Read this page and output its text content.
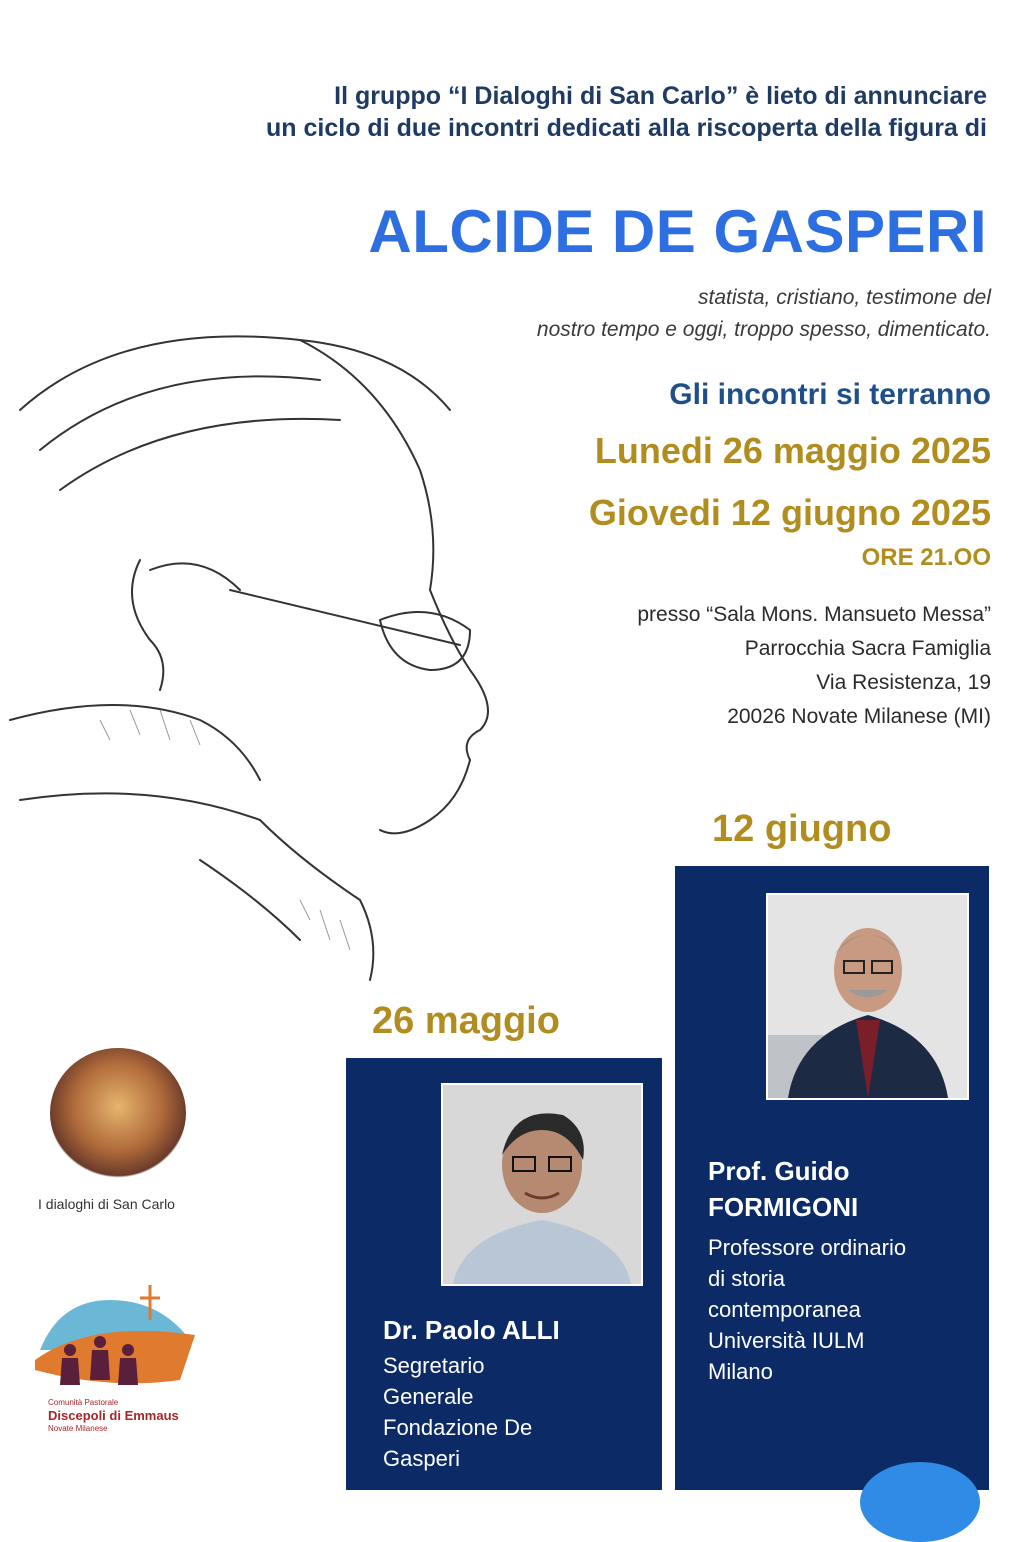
Il gruppo “I Dialoghi di San Carlo” è lieto di annunciare
un ciclo di due incontri dedicati alla riscoperta della figura di
ALCIDE DE GASPERI
statista, cristiano, testimone del
nostro tempo e oggi, troppo spesso, dimenticato.
Gli incontri si terranno
Lunedi 26 maggio 2025
Giovedi 12 giugno 2025
ORE 21.OO
presso “Sala Mons. Mansueto Messa”
Parrocchia Sacra Famiglia
Via Resistenza, 19
20026 Novate Milanese (MI)
12 giugno
Prof. Guido
FORMIGONI
Professore ordinario
di storia
contemporanea
Università IULM
Milano
26 maggio
Dr. Paolo ALLI
Segretario
Generale
Fondazione De
Gasperi
I dialoghi di San Carlo
Comunità Pastorale
Discepoli di Emmaus
Novate Milanese
